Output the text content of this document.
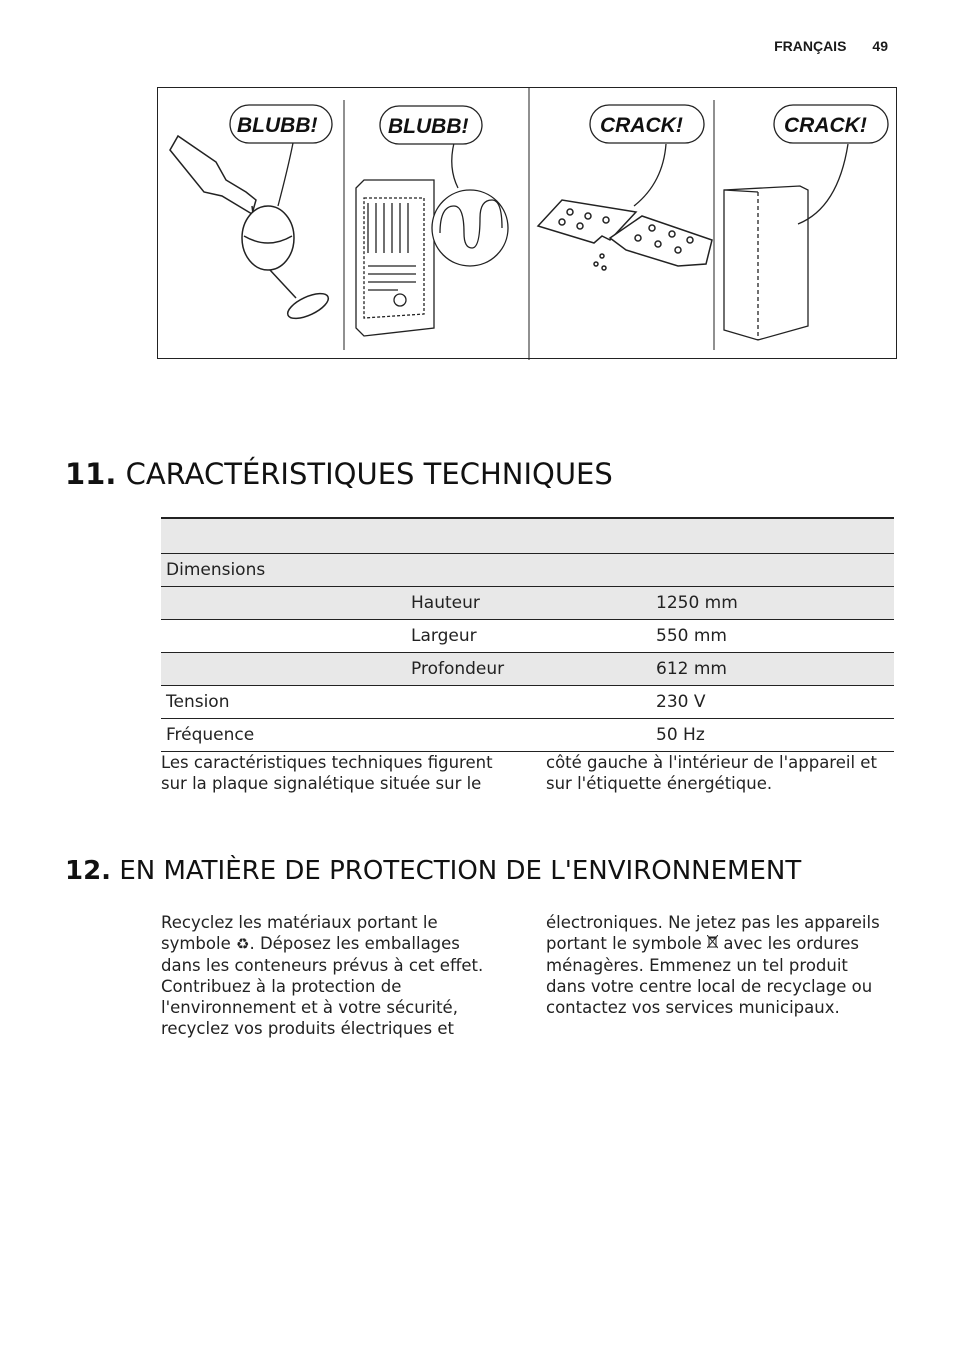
FRANÇAIS 49
BLUBB!	BLUBB!	CRACK!	CRACK!
11. CARACTÉRISTIQUES TECHNIQUES

Dimensions		
	Hauteur	1250 mm
	Largeur	550 mm
	Profondeur	612 mm
Tension		230 V
Fréquence		50 Hz

Les caractéristiques techniques figurent sur la plaque signalétique située sur le

côté gauche à l'intérieur de l'appareil et sur l'étiquette énergétique.

12. EN MATIÈRE DE PROTECTION DE L'ENVIRONNEMENT

Recyclez les matériaux portant le symbole ♻. Déposez les emballages dans les conteneurs prévus à cet effet.
Contribuez à la protection de l'environnement et à votre sécurité, recyclez vos produits électriques et

électroniques. Ne jetez pas les appareils portant le symbole avec les ordures ménagères. Emmenez un tel produit dans votre centre local de recyclage ou contactez vos services municipaux.
